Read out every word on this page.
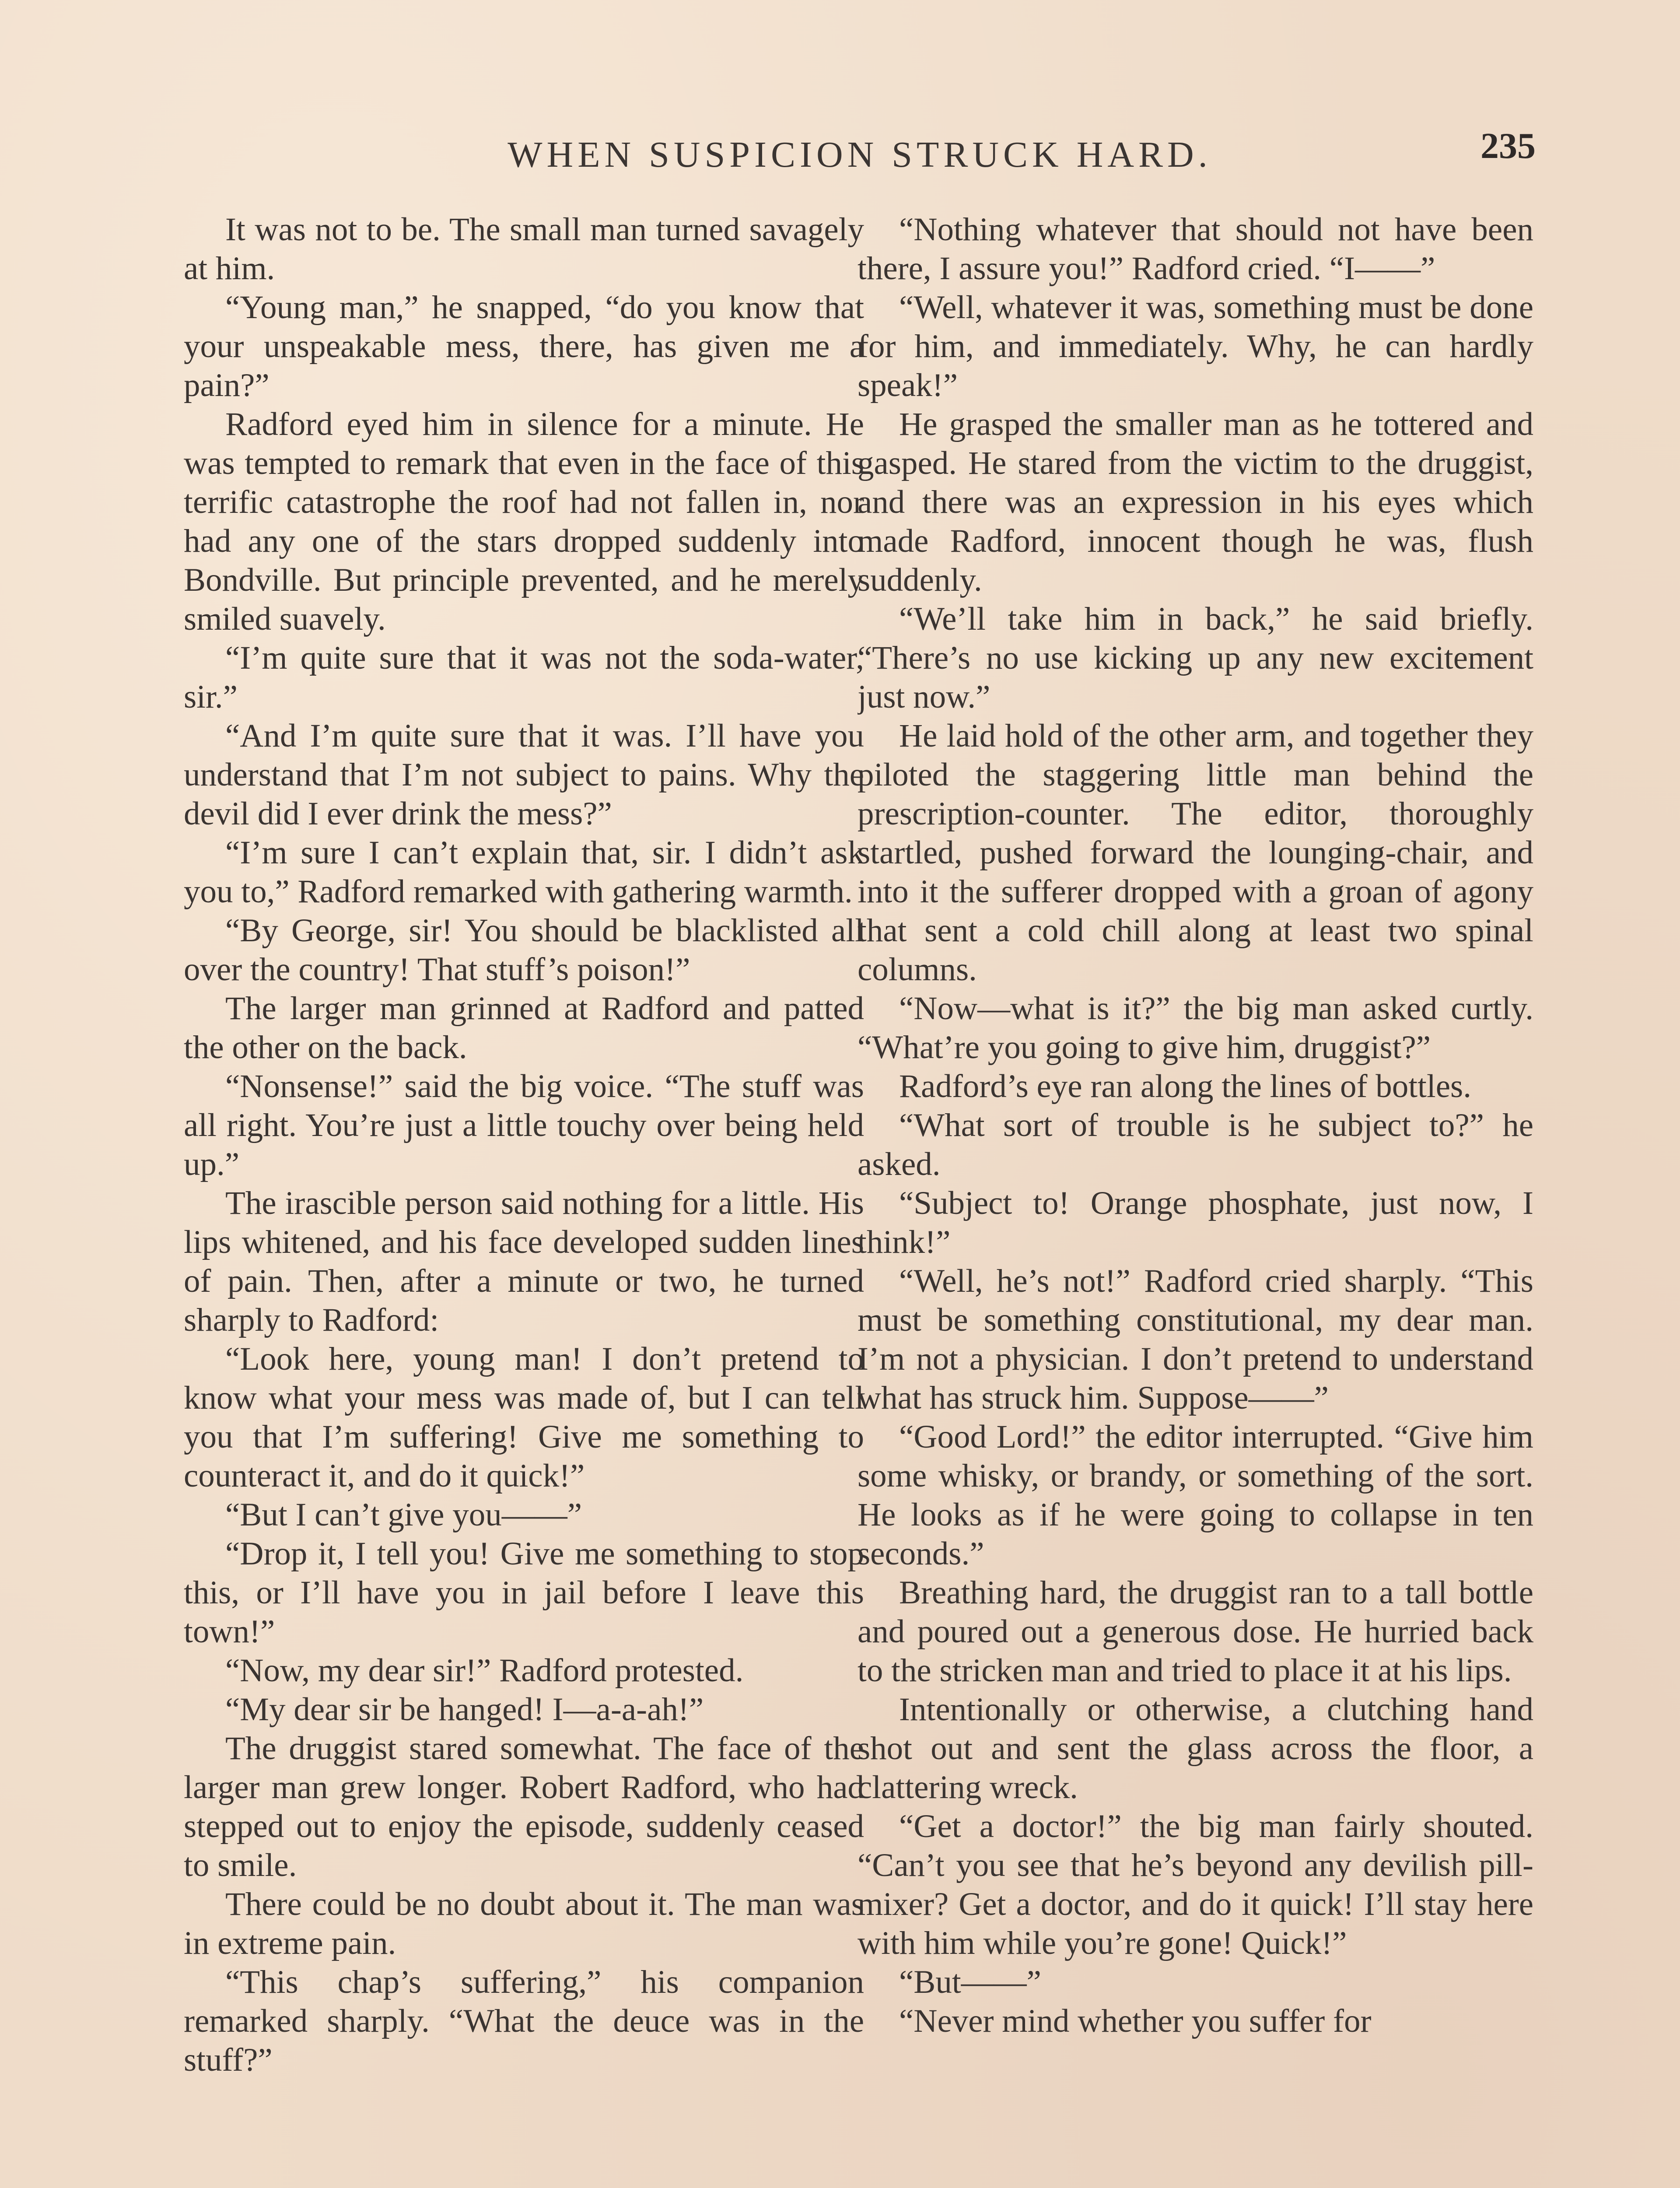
WHEN SUSPICION STRUCK HARD.	235

It was not to be. The small man turned savagely at him.

“Young man,” he snapped, “do you know that your unspeakable mess, there, has given me a pain?”

Radford eyed him in silence for a minute. He was tempted to remark that even in the face of this terrific catastrophe the roof had not fallen in, nor had any one of the stars dropped suddenly into Bondville. But principle prevented, and he merely smiled suavely.

“I’m quite sure that it was not the soda-water, sir.”

“And I’m quite sure that it was. I’ll have you understand that I’m not subject to pains. Why the devil did I ever drink the mess?”

“I’m sure I can’t explain that, sir. I didn’t ask you to,” Radford remarked with gathering warmth.

“By George, sir! You should be blacklisted all over the country! That stuff’s poison!”

The larger man grinned at Radford and patted the other on the back.

“Nonsense!” said the big voice. “The stuff was all right. You’re just a little touchy over being held up.”

The irascible person said nothing for a little. His lips whitened, and his face developed sudden lines of pain. Then, after a minute or two, he turned sharply to Radford:

“Look here, young man! I don’t pretend to know what your mess was made of, but I can tell you that I’m suffering! Give me something to counteract it, and do it quick!”

“But I can’t give you——”

“Drop it, I tell you! Give me something to stop this, or I’ll have you in jail before I leave this town!”

“Now, my dear sir!” Radford protested.

“My dear sir be hanged! I—a-a-ah!”

The druggist stared somewhat. The face of the larger man grew longer. Robert Radford, who had stepped out to enjoy the episode, suddenly ceased to smile.

There could be no doubt about it. The man was in extreme pain.

“This chap’s suffering,” his companion remarked sharply. “What the deuce was in the stuff?”

“Nothing whatever that should not have been there, I assure you!” Radford cried. “I——”

“Well, whatever it was, something must be done for him, and immediately. Why, he can hardly speak!”

He grasped the smaller man as he tottered and gasped. He stared from the victim to the druggist, and there was an expression in his eyes which made Radford, innocent though he was, flush suddenly.

“We’ll take him in back,” he said briefly. “There’s no use kicking up any new excitement just now.”

He laid hold of the other arm, and together they piloted the staggering little man behind the prescription-counter. The editor, thoroughly startled, pushed forward the lounging-chair, and into it the sufferer dropped with a groan of agony that sent a cold chill along at least two spinal columns.

“Now—what is it?” the big man asked curtly. “What’re you going to give him, druggist?”

Radford’s eye ran along the lines of bottles.

“What sort of trouble is he subject to?” he asked.

“Subject to! Orange phosphate, just now, I think!”

“Well, he’s not!” Radford cried sharply. “This must be something constitutional, my dear man. I’m not a physician. I don’t pretend to understand what has struck him. Suppose——”

“Good Lord!” the editor interrupted. “Give him some whisky, or brandy, or something of the sort. He looks as if he were going to collapse in ten seconds.”

Breathing hard, the druggist ran to a tall bottle and poured out a generous dose. He hurried back to the stricken man and tried to place it at his lips.

Intentionally or otherwise, a clutching hand shot out and sent the glass across the floor, a clattering wreck.

“Get a doctor!” the big man fairly shouted. “Can’t you see that he’s beyond any devilish pill-mixer? Get a doctor, and do it quick! I’ll stay here with him while you’re gone! Quick!”

“But——”

“Never mind whether you suffer for
